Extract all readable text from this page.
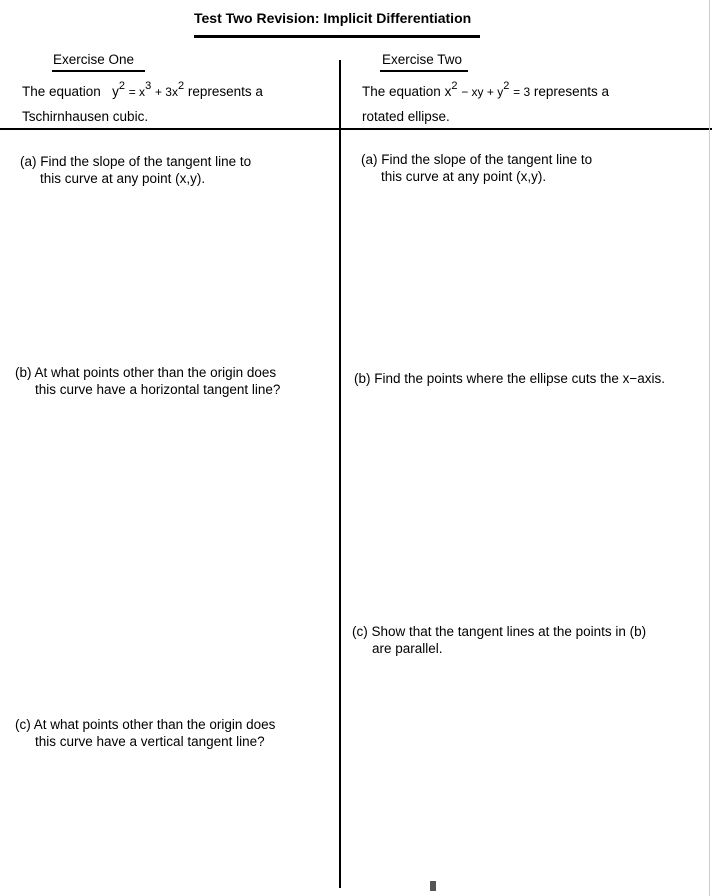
Test Two Revision: Implicit Differentiation
Exercise One	Exercise Two
The equation $y^2 = x^3 + 3x^2$ represents a
Tschirnhausen cubic.
The equation $x^2$ − xy + $y^2 = 3$ represents a
rotated ellipse.
(a) Find the slope of the tangent line to
this curve at any point (x,y).
(b) At what points other than the origin does
this curve have a horizontal tangent line?
(c) At what points other than the origin does
this curve have a vertical tangent line?
(a) Find the slope of the tangent line to
this curve at any point (x,y).
(b) Find the points where the ellipse cuts the x−axis.
(c) Show that the tangent lines at the points in (b)
are parallel.
